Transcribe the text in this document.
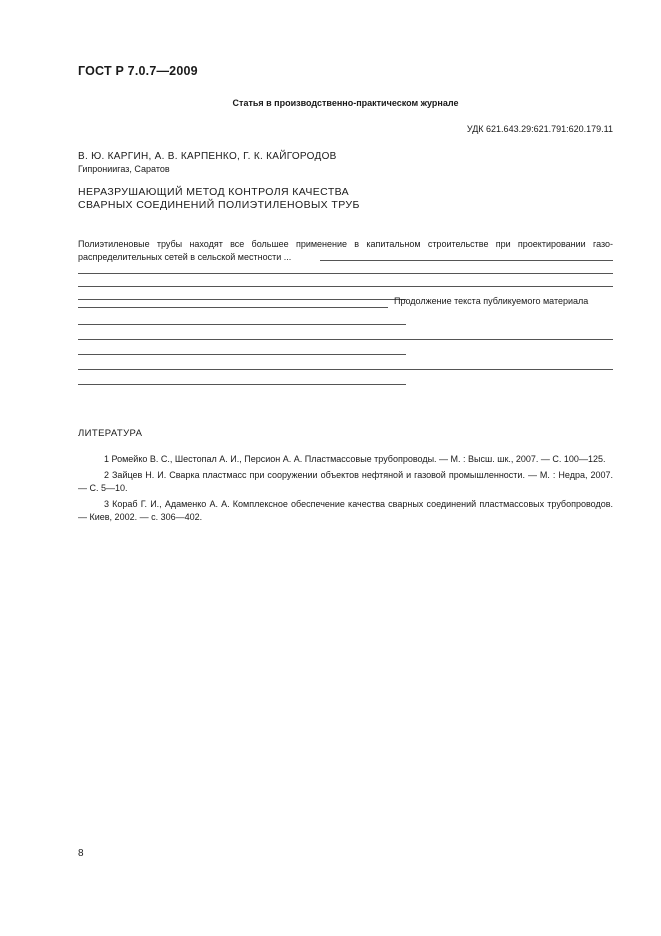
ГОСТ Р 7.0.7—2009
Статья в производственно-практическом журнале
УДК 621.643.29:621.791:620.179.11
В. Ю. КАРГИН, А. В. КАРПЕНКО, Г. К. КАЙГОРОДОВ
Гипрониигаз, Саратов
НЕРАЗРУШАЮЩИЙ МЕТОД КОНТРОЛЯ КАЧЕСТВА
СВАРНЫХ СОЕДИНЕНИЙ ПОЛИЭТИЛЕНОВЫХ ТРУБ
Полиэтиленовые трубы находят все большее применение в капитальном строительстве при проектировании газо-
распределительных сетей в сельской местности ...
Продолжение текста публикуемого материала
ЛИТЕРАТУРА

1 Ромейко В. С., Шестопал А. И., Персион А. А. Пластмассовые трубопроводы. — М. : Высш. шк., 2007. — С. 100—125.

2 Зайцев Н. И. Сварка пластмасс при сооружении объектов нефтяной и газовой промышленности. — М. : Недра, 2007. — С. 5—10.

3 Кораб Г. И., Адаменко А. А. Комплексное обеспечение качества сварных соединений пластмассовых трубопроводов. — Киев, 2002. — с. 306—402.

8
